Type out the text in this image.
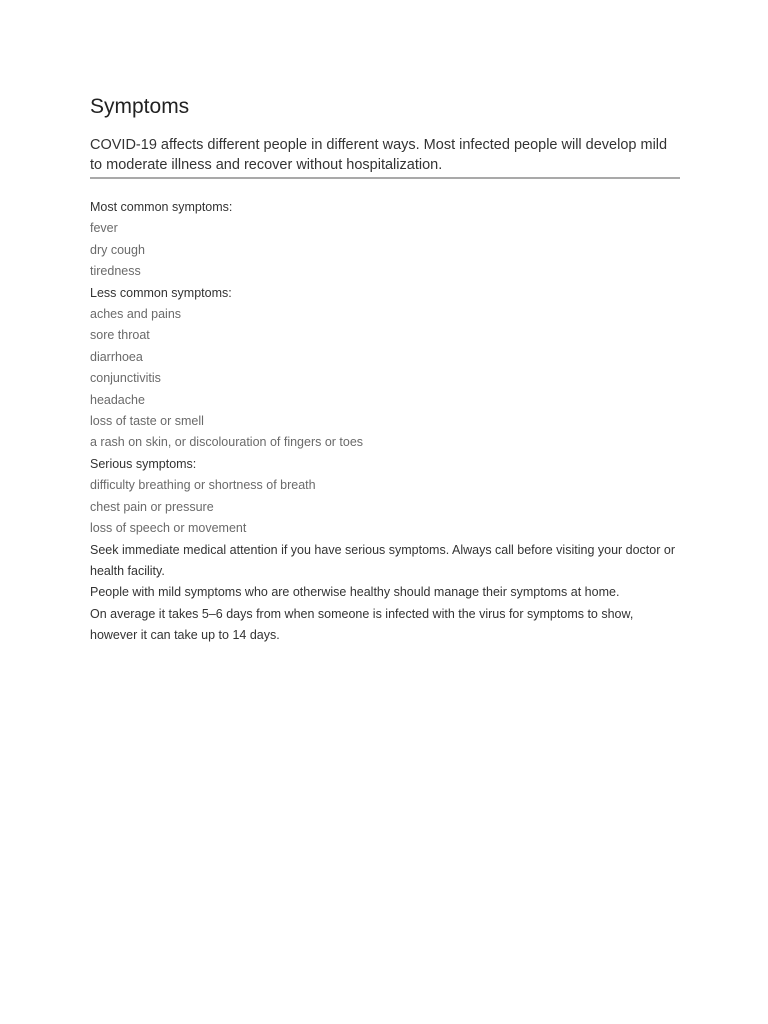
Symptoms

COVID-19 affects different people in different ways. Most infected people will develop mild to moderate illness and recover without hospitalization.

Most common symptoms:
fever
dry cough
tiredness
Less common symptoms:
aches and pains
sore throat
diarrhoea
conjunctivitis
headache
loss of taste or smell
a rash on skin, or discolouration of fingers or toes
Serious symptoms:
difficulty breathing or shortness of breath
chest pain or pressure
loss of speech or movement
Seek immediate medical attention if you have serious symptoms. Always call before visiting your doctor or health facility.
People with mild symptoms who are otherwise healthy should manage their symptoms at home.
On average it takes 5–6 days from when someone is infected with the virus for symptoms to show, however it can take up to 14 days.
